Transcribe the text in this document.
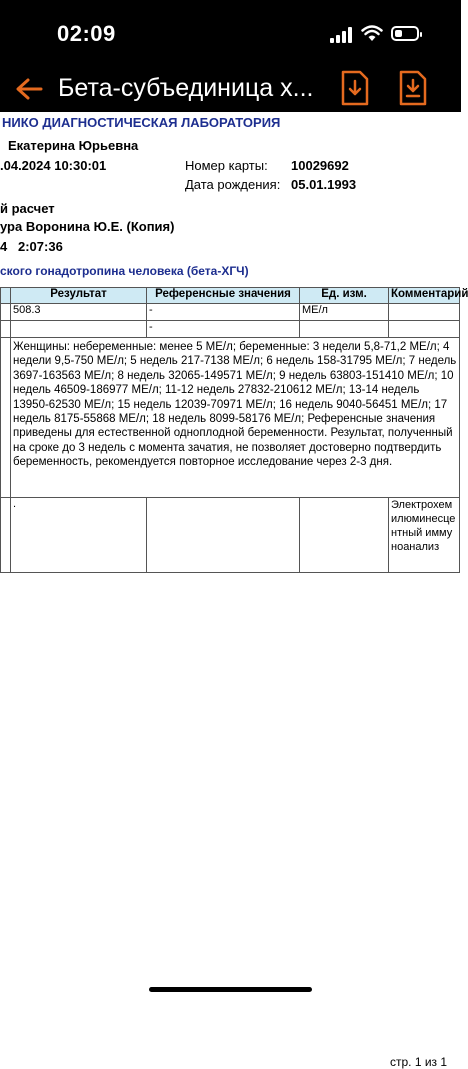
02:09
Бета-субъединица х...
НИКО ДИАГНОСТИЧЕСКАЯ ЛАБОРАТОРИЯ
Екатерина Юрьевна
.04.2024 10:30:01	Номер карты: 10029692
Дата рождения: 05.01.1993
й расчет
ура Воронина Ю.Е. (Копия)
4 2:07:36
ского гонадотропина человека (бета-ХГЧ)
	Результат	Референсные значения	Ед. изм.	Комментарий
	508.3	-	МЕ/л	
		-		
	Женщины: небеременные: менее 5 МЕ/л; беременные: 3 недели 5,8-71,2 МЕ/л; 4 недели 9,5-750 МЕ/л; 5 недель 217-7138 МЕ/л; 6 недель 158-31795 МЕ/л; 7 недель 3697-163563 МЕ/л; 8 недель 32065-149571 МЕ/л; 9 недель 63803-151410 МЕ/л; 10 недель 46509-186977 МЕ/л; 11-12 недель 27832-210612 МЕ/л; 13-14 недель 13950-62530 МЕ/л; 15 недель 12039-70971 МЕ/л; 16 недель 9040-56451 МЕ/л; 17 недель 8175-55868 МЕ/л; 18 недель 8099-58176 МЕ/л; Референсные значения приведены для естественной одноплодной беременности. Результат, полученный на сроке до 3 недель с момента зачатия, не позволяет достоверно подтвердить беременность, рекомендуется повторное исследование через 2-3 дня.			
	.			Электрохемилюминесцентный иммуноанализ
стр. 1 из 1
